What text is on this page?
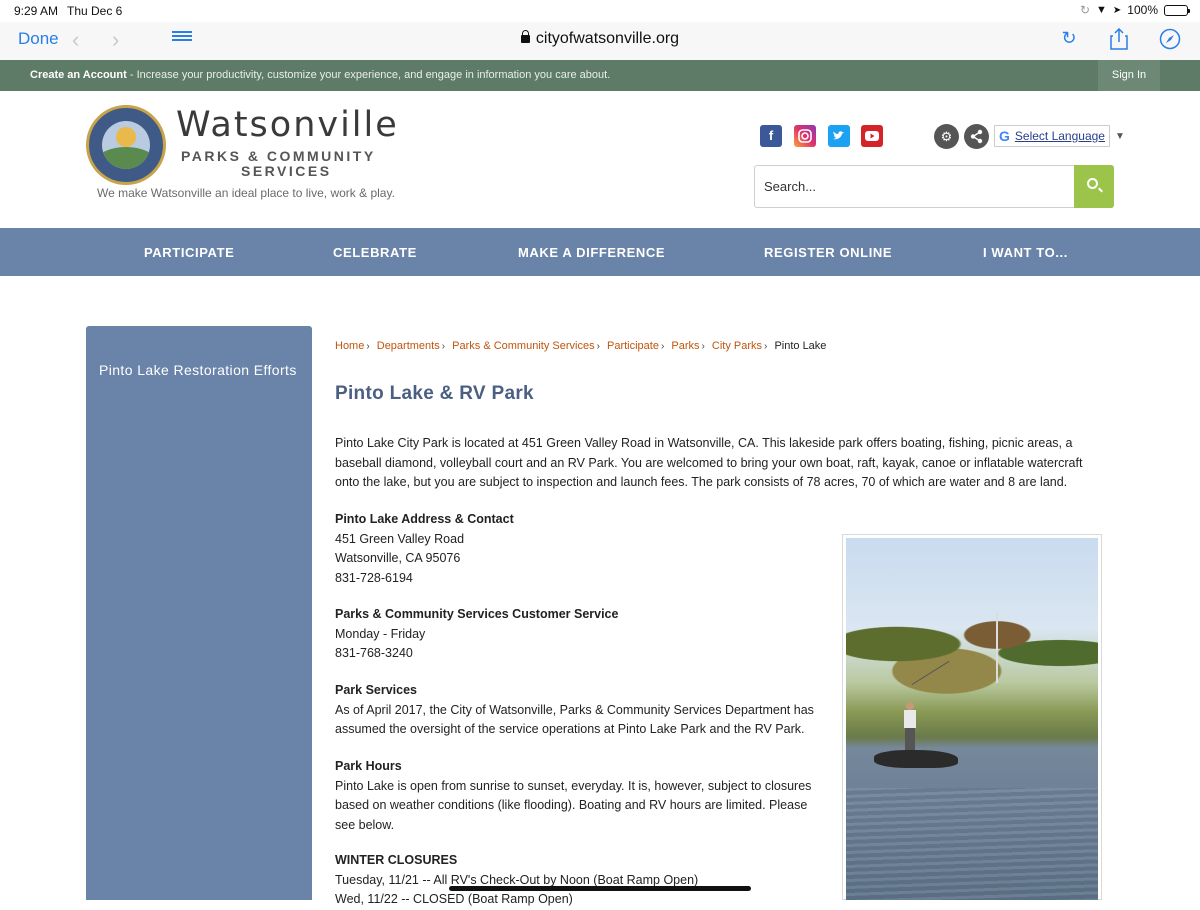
9:29 AM Thu Dec 6	↻ ▼ ➤ 100%
Done ‹ ›	cityofwatsonville.org	↻
Create an Account - Increase your productivity, customize your experience, and engage in information you care about.	Sign In
Watsonville
PARKS & COMMUNITY
SERVICES
We make Watsonville an ideal place to live, work & play.
f	⚙	G Select Language ▼
Search...
PARTICIPATE	CELEBRATE	MAKE A DIFFERENCE	REGISTER ONLINE	I WANT TO...
Pinto Lake Restoration Efforts
Home › Departments › Parks & Community Services › Participate › Parks › City Parks › Pinto Lake
Pinto Lake & RV Park
Pinto Lake City Park is located at 451 Green Valley Road in Watsonville, CA. This lakeside park offers boating, fishing, picnic areas, a baseball diamond, volleyball court and an RV Park. You are welcomed to bring your own boat, raft, kayak, canoe or inflatable watercraft onto the lake, but you are subject to inspection and launch fees. The park consists of 78 acres, 70 of which are water and 8 are land.
Pinto Lake Address & Contact
451 Green Valley Road
Watsonville, CA 95076
831-728-6194
Parks & Community Services Customer Service
Monday - Friday
831-768-3240
Park Services
As of April 2017, the City of Watsonville, Parks & Community Services Department has assumed the oversight of the service operations at Pinto Lake Park and the RV Park.
Park Hours
Pinto Lake is open from sunrise to sunset, everyday. It is, however, subject to closures based on weather conditions (like flooding). Boating and RV hours are limited. Please see below.
WINTER CLOSURES
Tuesday, 11/21 -- All RV's Check-Out by Noon (Boat Ramp Open)
Wed, 11/22 -- CLOSED (Boat Ramp Open)
